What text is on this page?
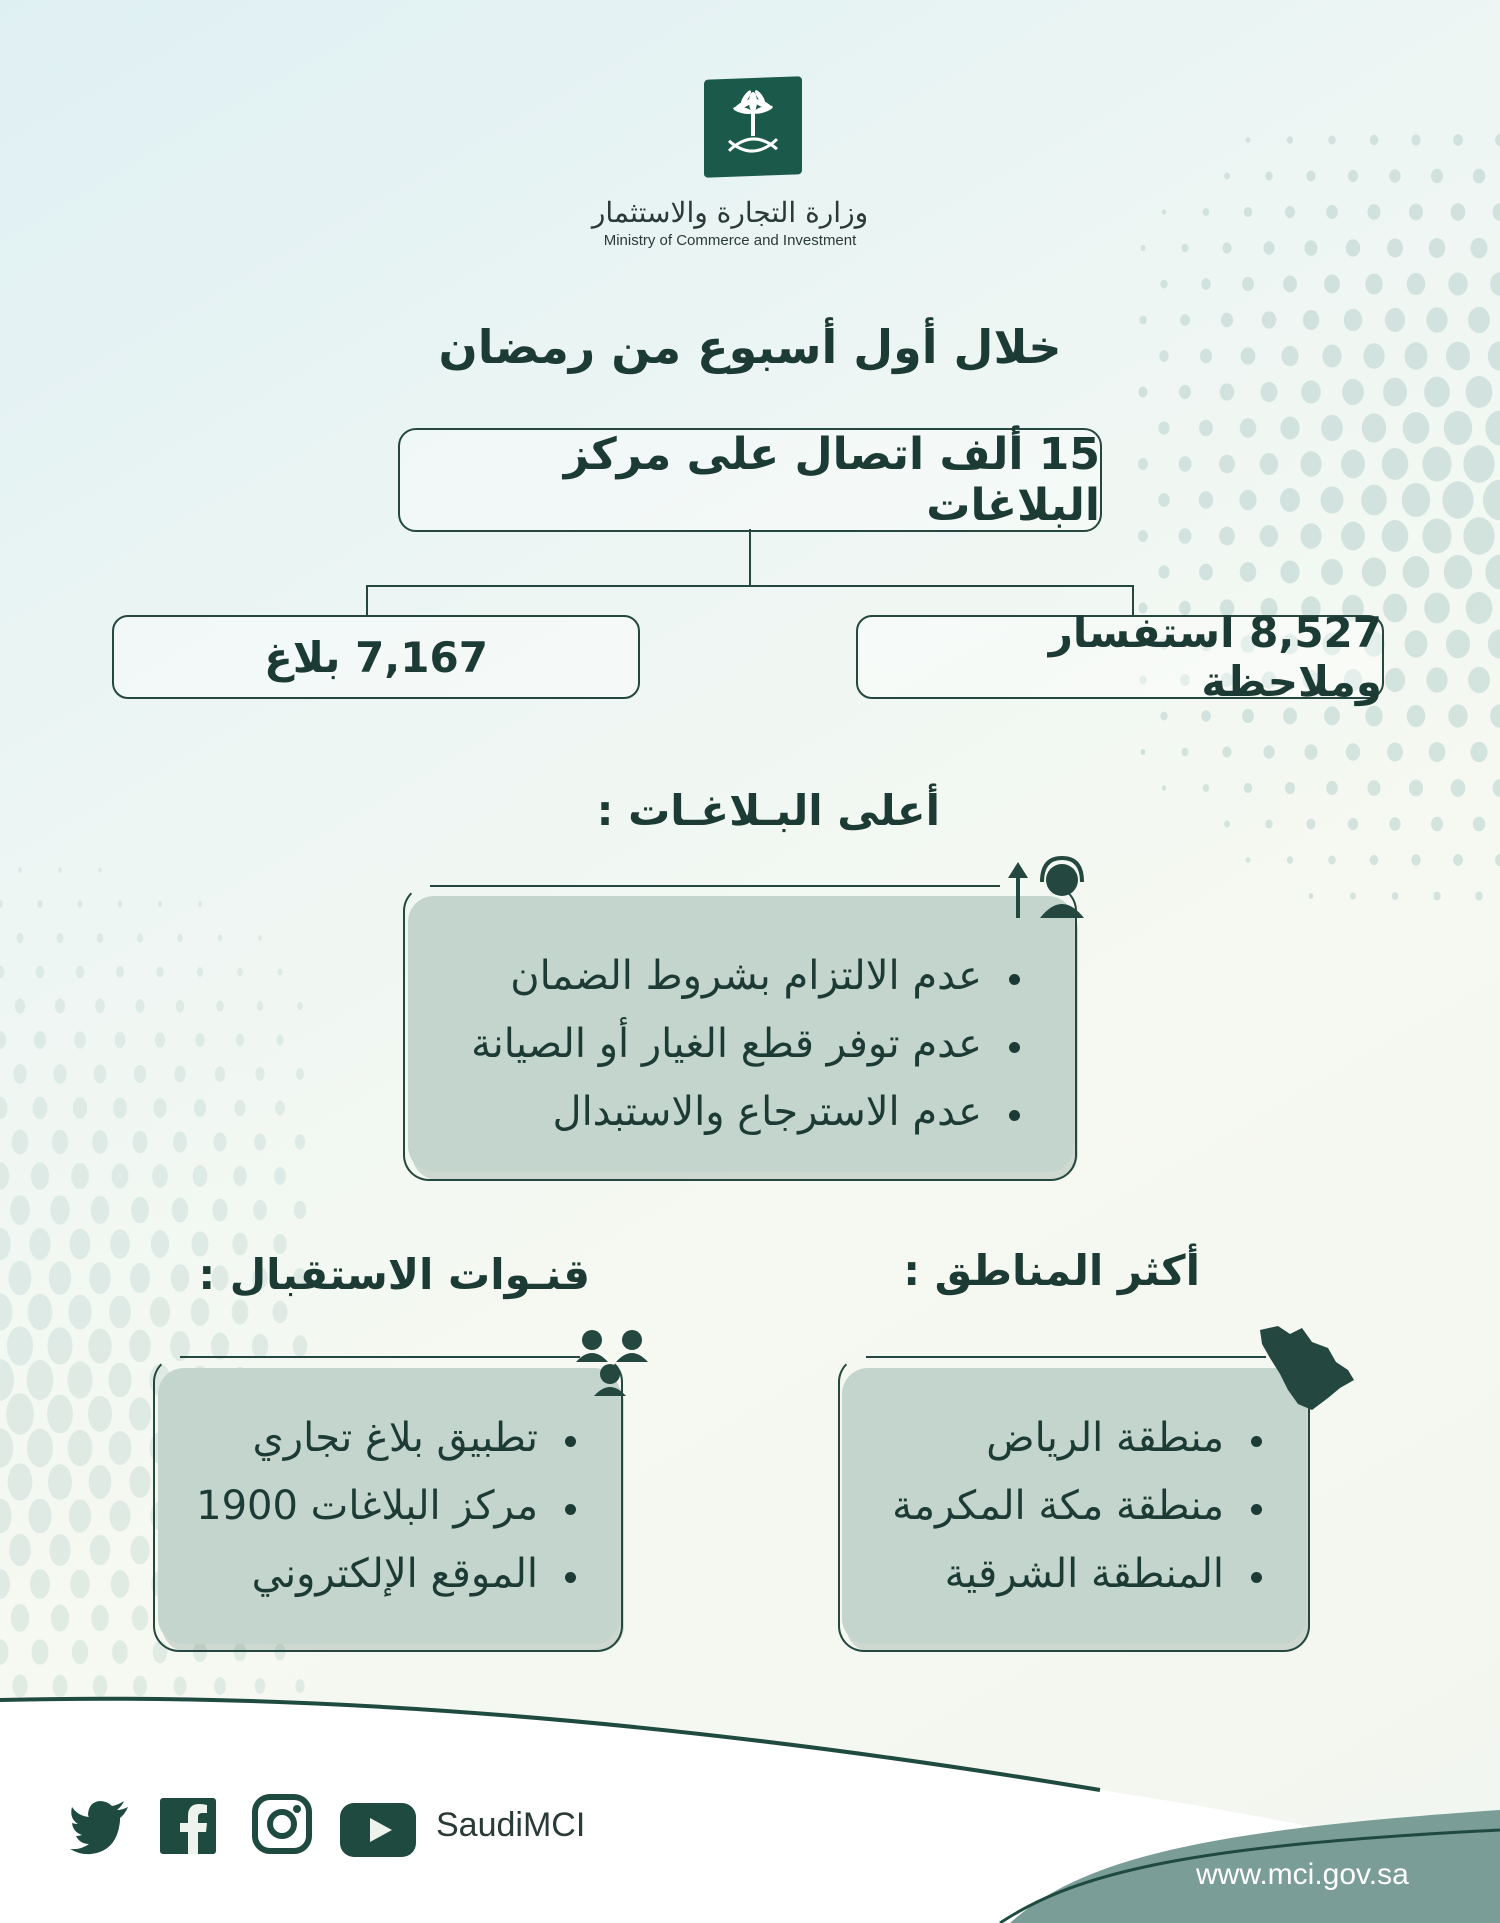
وزارة التجارة والاستثمار
Ministry of Commerce and Investment
خلال أول أسبوع من رمضان
15 ألف اتصال على مركز البلاغات
7,167 بلاغ	8,527 استفسار وملاحظة
أعلى البـلاغـات :
عدم الالتزام بشروط الضمان
عدم توفر قطع الغيار أو الصيانة
عدم الاسترجاع والاستبدال
قنـوات الاستقبال :
تطبيق بلاغ تجاري
مركز البلاغات 1900
الموقع الإلكتروني
أكثر المناطق :
منطقة الرياض
منطقة مكة المكرمة
المنطقة الشرقية
SaudiMCI
www.mci.gov.sa
